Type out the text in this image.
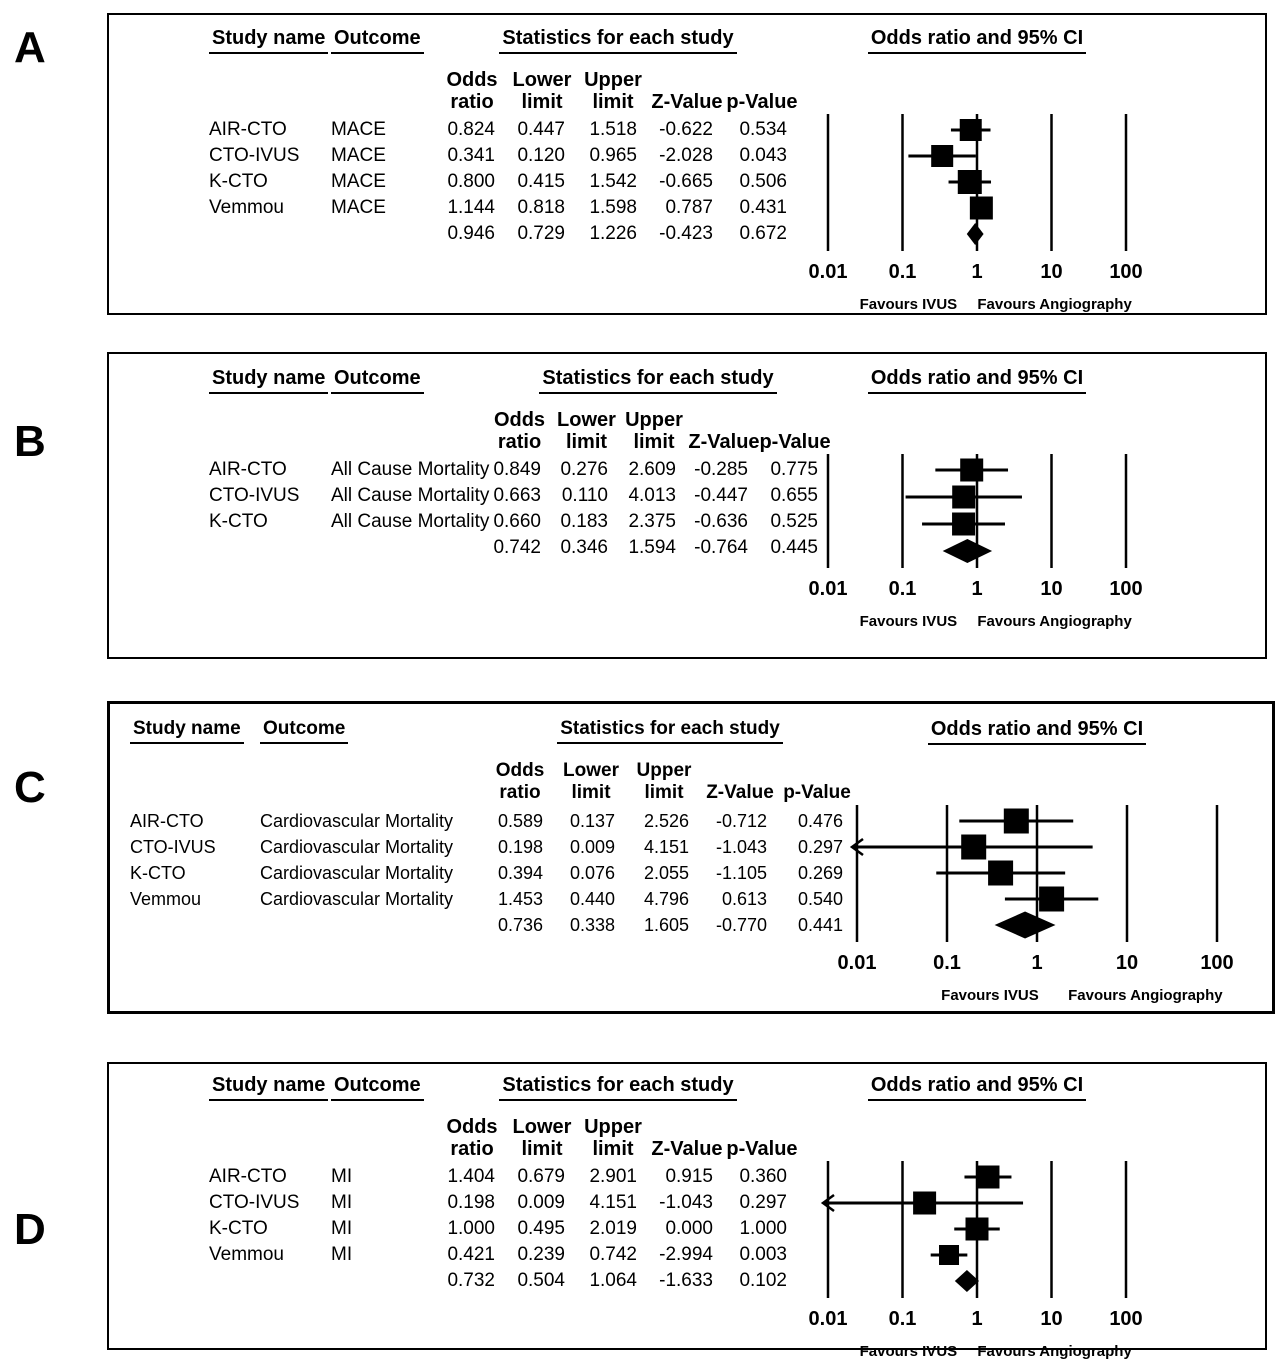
A	Study name Outcome	Statistics for each study
Odds
ratio
Lower
limit
Upper
limit Z-Value p-Value
AIR-CTO	MACE	0.824	0.447	1.518	-0.622	0.534
CTO-IVUS	MACE	0.341	0.120	0.965	-2.028	0.043
K-CTO	MACE	0.800	0.415	1.542	-0.665	0.506
Vemmou	MACE	1.144	0.818	1.598	0.787	0.431
0.946	0.729	1.226	-0.423	0.672
Odds ratio and 95% CI
0.01 0.1	1	10 100
Favours IVUS Favours Angiography
B
Study name Outcome	Statistics for each study
Odds
ratio
Lower
limit
Upper
limit Z-Value p-Value
AIR-CTO	All Cause Mortality 0.849	0.276	2.609 -0.285	0.775
CTO-IVUS	All Cause Mortality 0.663	0.110	4.013 -0.447	0.655
K-CTO	All Cause Mortality 0.660	0.183	2.375 -0.636	0.525
0.742	0.346	1.594 -0.764	0.445
Odds ratio and 95% CI
0.01 0.1	1	10 100
Favours IVUS Favours Angiography
C
Study name	Outcome	Statistics for each study
Odds
ratio
Lower
limit
Upper
limit Z-Value p-Value
AIR-CTO	Cardiovascular Mortality	0.589	0.137	2.526	-0.712	0.476
CTO-IVUS	Cardiovascular Mortality	0.198	0.009	4.151	-1.043	0.297
K-CTO	Cardiovascular Mortality	0.394	0.076	2.055	-1.105	0.269
Vemmou	Cardiovascular Mortality	1.453	0.440	4.796	0.613	0.540
0.736	0.338	1.605	-0.770	0.441
Odds ratio and 95% CI
0.01	0.1	1	10	100
Favours IVUS Favours Angiography
D
Study name Outcome	Statistics for each study
Odds
ratio
Lower
limit
Upper
limit Z-Value p-Value
AIR-CTO	MI	1.404	0.679	2.901	0.915	0.360
CTO-IVUS	MI	0.198	0.009	4.151	-1.043	0.297
K-CTO	MI	1.000	0.495	2.019	0.000	1.000
Vemmou	MI	0.421	0.239	0.742	-2.994	0.003
0.732	0.504	1.064	-1.633	0.102
Odds ratio and 95% CI
0.01 0.1	1	10 100
Favours IVUS Favours Angiography
